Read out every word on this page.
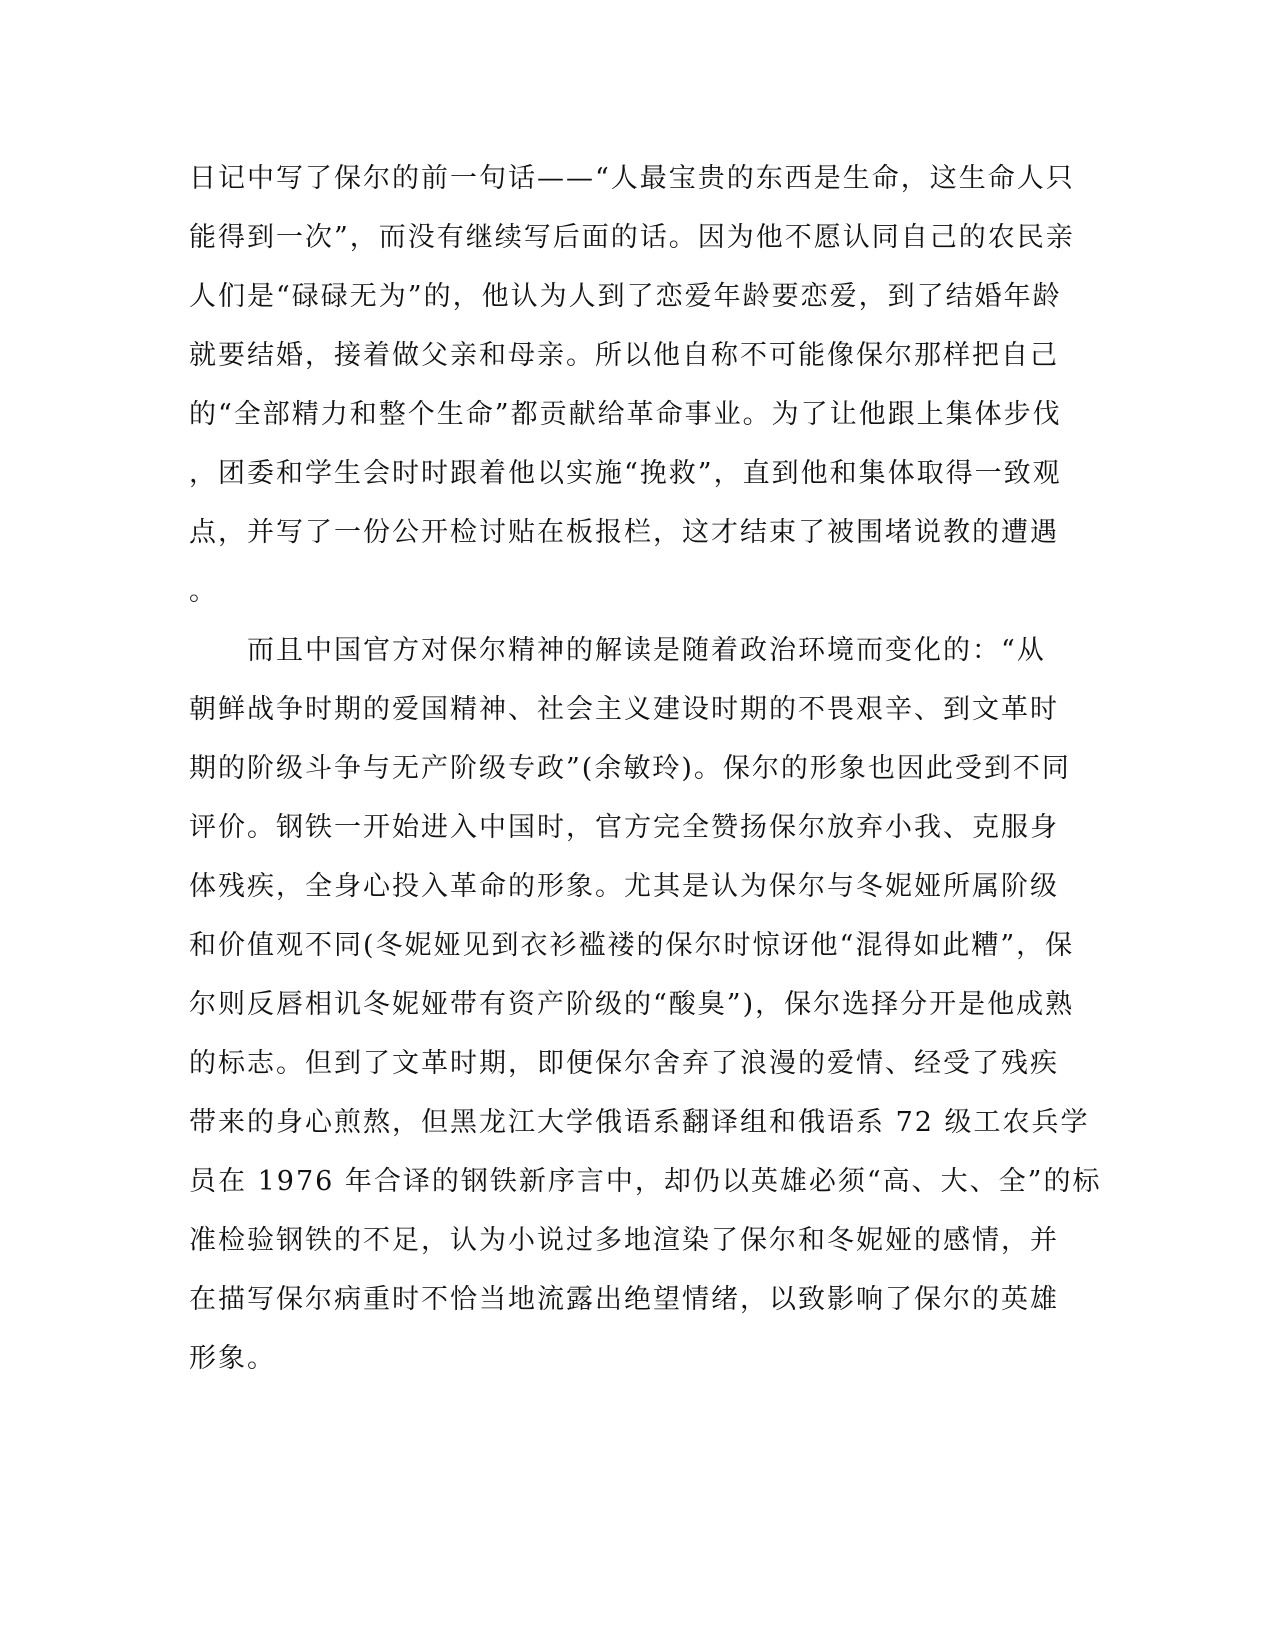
日记中写了保尔的前一句话——“人最宝贵的东西是生命，这生命人只
能得到一次”，而没有继续写后面的话。因为他不愿认同自己的农民亲
人们是“碌碌无为”的，他认为人到了恋爱年龄要恋爱，到了结婚年龄
就要结婚，接着做父亲和母亲。所以他自称不可能像保尔那样把自己
的“全部精力和整个生命”都贡献给革命事业。为了让他跟上集体步伐
，团委和学生会时时跟着他以实施“挽救”，直到他和集体取得一致观
点，并写了一份公开检讨贴在板报栏，这才结束了被围堵说教的遭遇
。
　　而且中国官方对保尔精神的解读是随着政治环境而变化的：“从
朝鲜战争时期的爱国精神、社会主义建设时期的不畏艰辛、到文革时
期的阶级斗争与无产阶级专政”(余敏玲)。保尔的形象也因此受到不同
评价。钢铁一开始进入中国时，官方完全赞扬保尔放弃小我、克服身
体残疾，全身心投入革命的形象。尤其是认为保尔与冬妮娅所属阶级
和价值观不同(冬妮娅见到衣衫褴褛的保尔时惊讶他“混得如此糟”，保
尔则反唇相讥冬妮娅带有资产阶级的“酸臭”)，保尔选择分开是他成熟
的标志。但到了文革时期，即便保尔舍弃了浪漫的爱情、经受了残疾
带来的身心煎熬，但黑龙江大学俄语系翻译组和俄语系 72 级工农兵学
员在 1976 年合译的钢铁新序言中，却仍以英雄必须“高、大、全”的标
准检验钢铁的不足，认为小说过多地渲染了保尔和冬妮娅的感情，并
在描写保尔病重时不恰当地流露出绝望情绪，以致影响了保尔的英雄
形象。
